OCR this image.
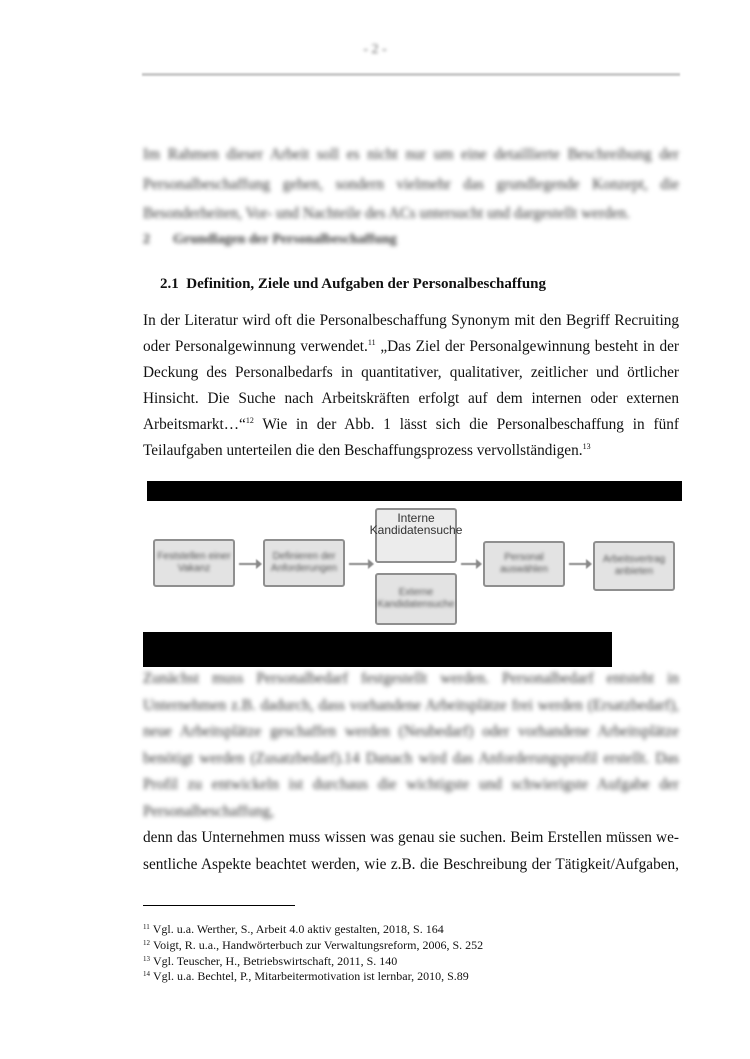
- 2 -

Im Rahmen dieser Arbeit soll es nicht nur um eine detaillierte Beschreibung der Personalbeschaffung gehen, sondern vielmehr das grundlegende Konzept, die Besonderheiten, Vor- und Nachteile des ACs untersucht und dargestellt werden.

2 Grundlagen der Personalbeschaffung
2.1 Definition, Ziele und Aufgaben der Personalbeschaffung

In der Literatur wird oft die Personalbeschaffung Synonym mit den Begriff Recruiting oder Personalgewinnung verwendet.$^{11}$ „Das Ziel der Personalgewinnung besteht in der Deckung des Personalbedarfs in quantitativer, qualitativer, zeitlicher und örtlicher Hinsicht. Die Suche nach Arbeitskräften erfolgt auf dem internen oder externen Arbeitsmarkt…“$^{12}$ Wie in der Abb. 1 lässt sich die Personalbeschaffung in fünf Teilaufgaben unterteilen die den Beschaffungsprozess vervollständigen.$^{13}$

Feststellen einer Vakanz
Definieren der Anforderungen
Interne Kandidatensuche
Externe Kandidatensuche
Personal auswählen
Arbeitsvertrag anbieten

Zunächst muss Personalbedarf festgestellt werden. Personalbedarf entsteht in Unternehmen z.B. dadurch, dass vorhandene Arbeitsplätze frei werden (Ersatzbedarf), neue Arbeitsplätze geschaffen werden (Neubedarf) oder vorhandene Arbeitsplätze benötigt werden (Zusatzbedarf).14 Danach wird das Anforderungsprofil erstellt. Das Profil zu entwickeln ist durchaus die wichtigste und schwierigste Aufgabe der Personalbeschaffung,

denn das Unternehmen muss wissen was genau sie suchen. Beim Erstellen müssen we-

sentliche Aspekte beachtet werden, wie z.B. die Beschreibung der Tätigkeit/Aufgaben,

$^{11}$ Vgl. u.a. Werther, S., Arbeit 4.0 aktiv gestalten, 2018, S. 164
$^{12}$ Voigt, R. u.a., Handwörterbuch zur Verwaltungsreform, 2006, S. 252
$^{13}$ Vgl. Teuscher, H., Betriebswirtschaft, 2011, S. 140
$^{14}$ Vgl. u.a. Bechtel, P., Mitarbeitermotivation ist lernbar, 2010, S.89
